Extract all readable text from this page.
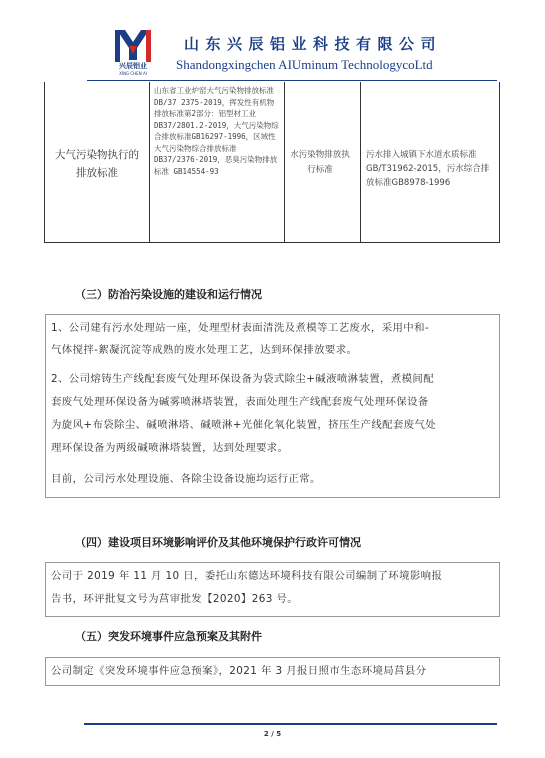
兴辰铝业
XING CHEN AI
山东兴辰铝业科技有限公司
Shandongxingchen AIUminum TechnologycoLtd
大气污染物执行的排放标准
山东省工业炉窑大气污染物排放标准 DB/37 2375-2019，挥发性有机物排放标准第2部分：铝型材工业DB37/2801.2-2019，大气污染物综合排放标准GB16297-1996，区域性大气污染物综合排放标准DB37/2376-2019，恶臭污染物排放标准 GB14554-93
水污染物排放执行标准
污水排入城镇下水道水质标准 GB/T31962-2015，污水综合排放标准GB8978-1996
（三）防治污染设施的建设和运行情况
1、公司建有污水处理站一座，处理型材表面清洗及煮模等工艺废水，采用中和-
气体搅拌-絮凝沉淀等成熟的废水处理工艺，达到环保排放要求。
2、公司熔铸生产线配套废气处理环保设备为袋式除尘+碱液喷淋装置，煮模间配
套废气处理环保设备为碱雾喷淋塔装置，表面处理生产线配套废气处理环保设备
为旋风+布袋除尘、碱喷淋塔、碱喷淋+光催化氧化装置，挤压生产线配套废气处
理环保设备为两级碱喷淋塔装置，达到处理要求。
目前，公司污水处理设施、各除尘设备设施均运行正常。
（四）建设项目环境影响评价及其他环境保护行政许可情况
公司于 2019 年 11 月 10 日，委托山东德达环境科技有限公司编制了环境影响报
告书，环评批复文号为莒审批发【2020】263 号。
（五）突发环境事件应急预案及其附件
公司制定《突发环境事件应急预案》，2021 年 3 月报日照市生态环境局莒县分
2 / 5
